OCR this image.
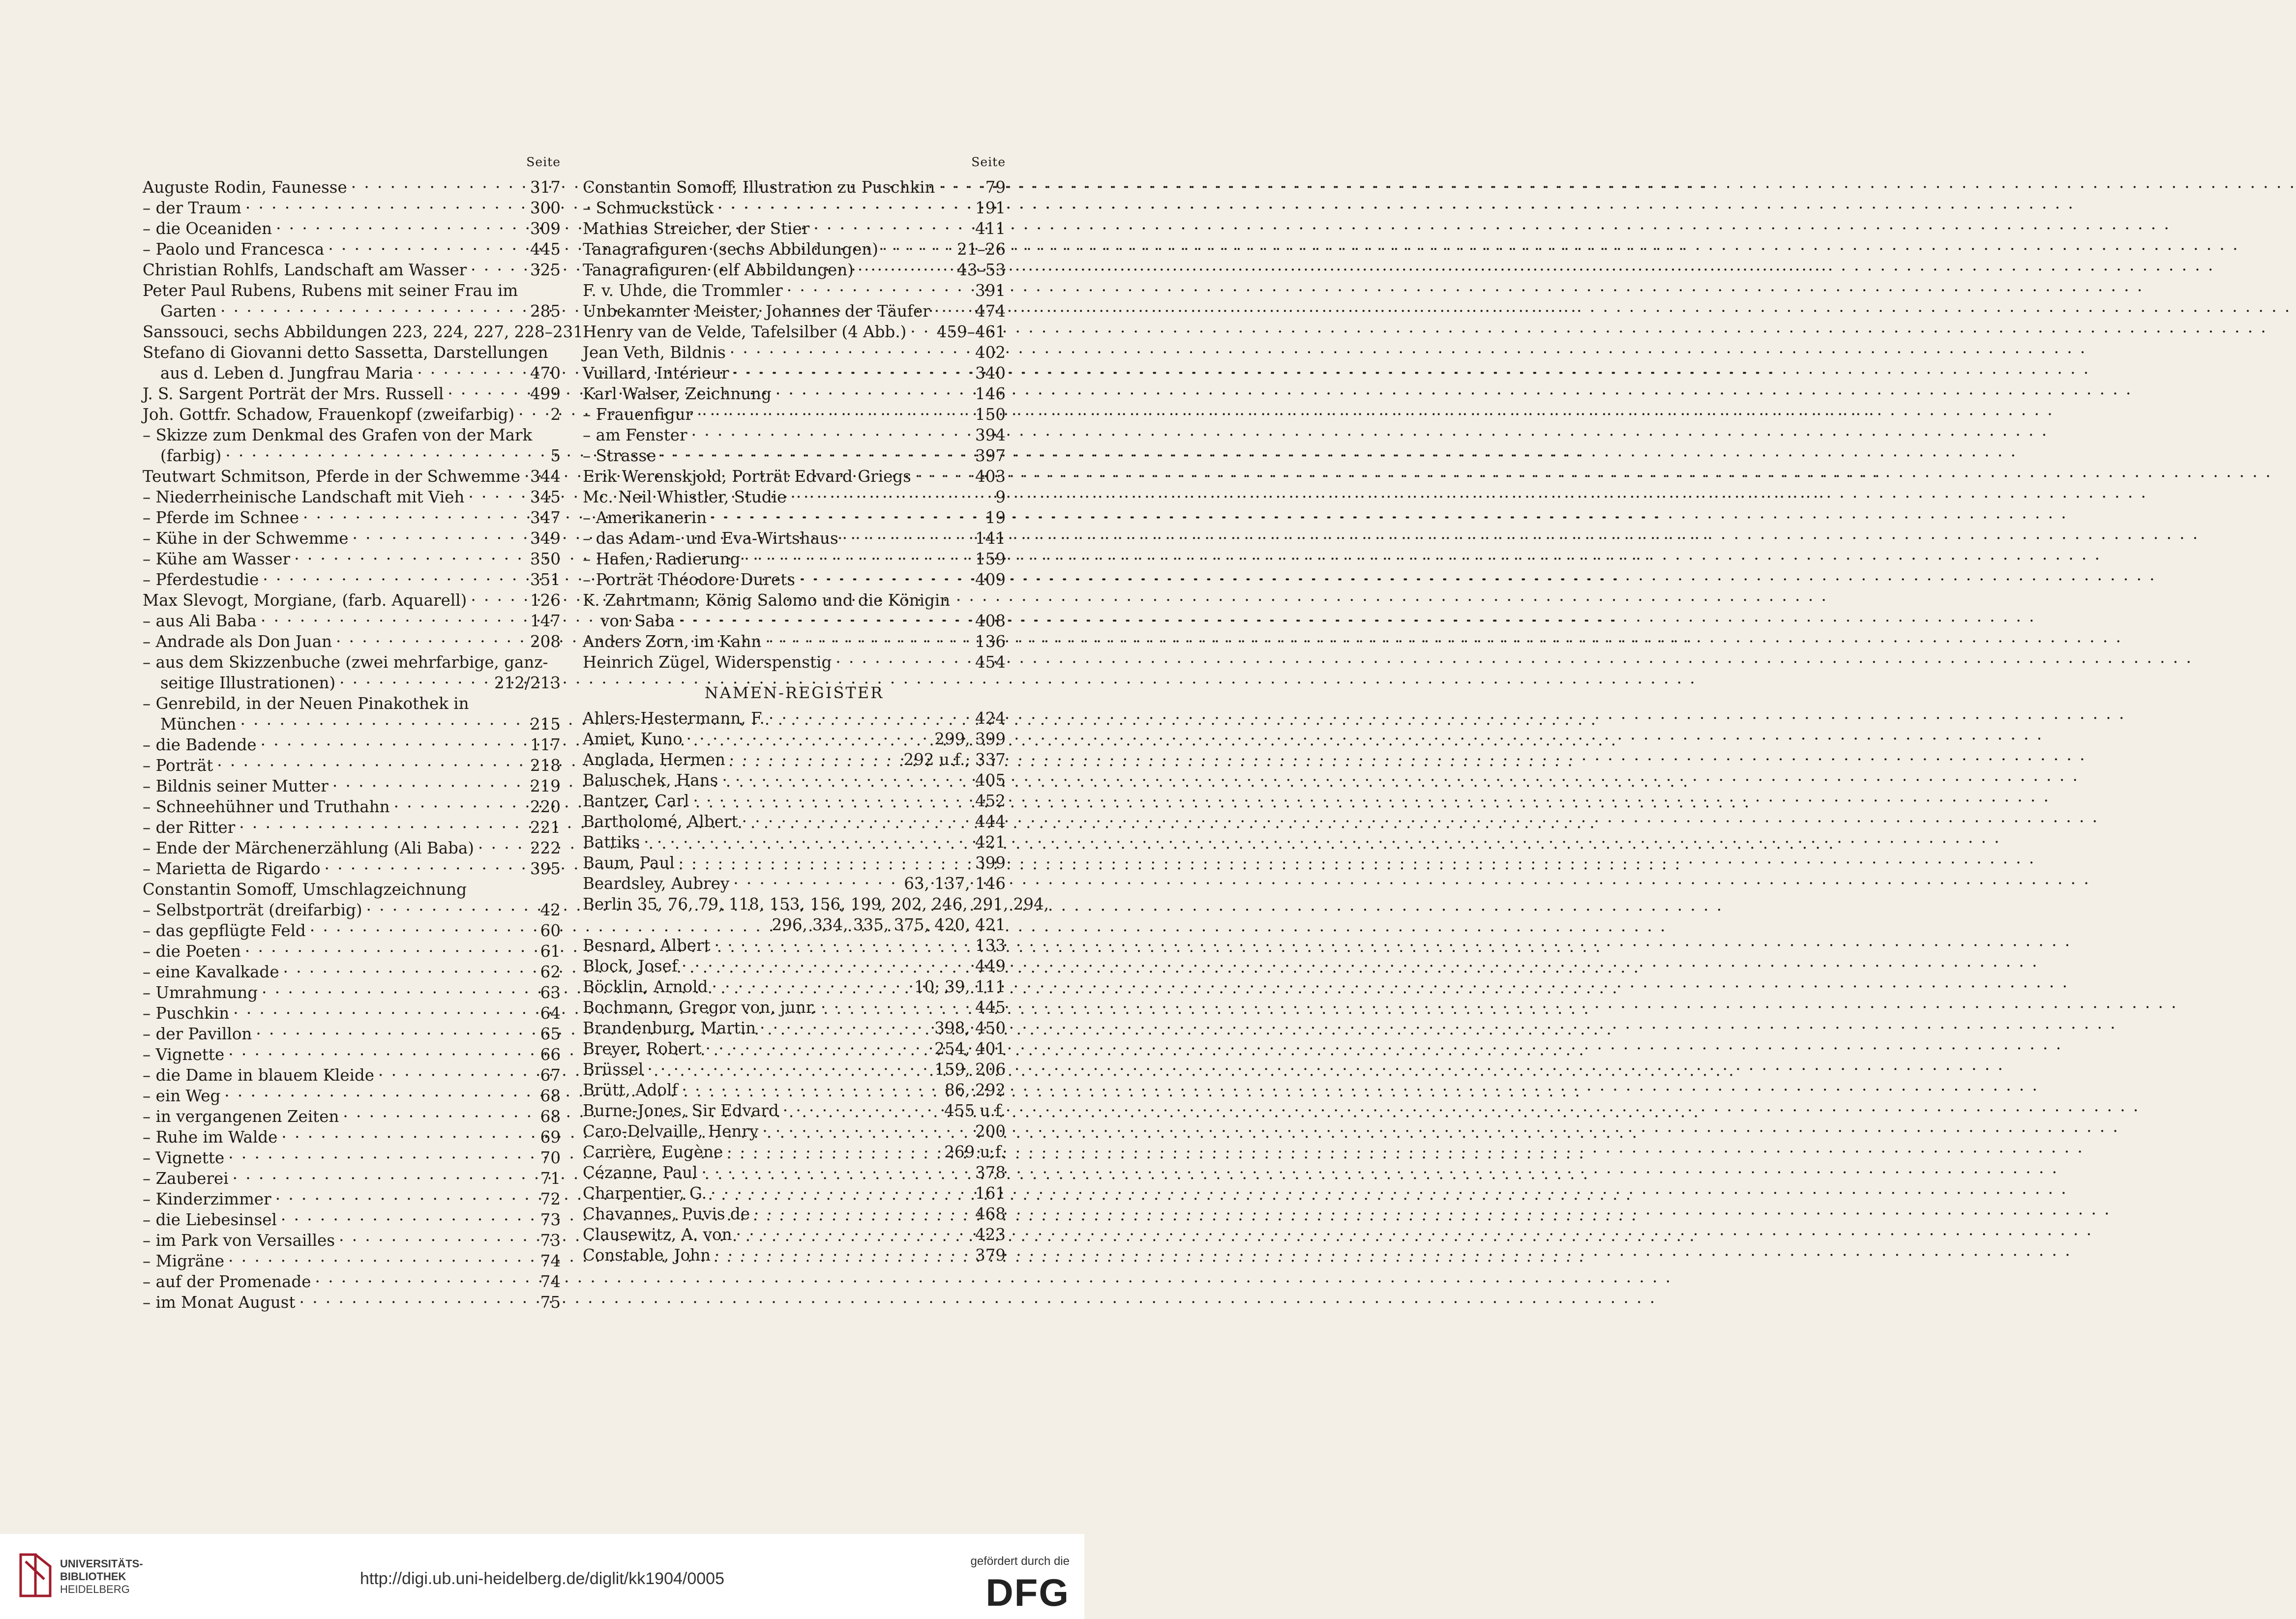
Seite
Auguste Rodin, Faunesse . . .	317
– der Traum . . .	300
– die Oceaniden . . .	309
– Paolo und Francesca . . .	445
Christian Rohlfs, Landschaft am Wasser . . .	325
Peter Paul Rubens, Rubens mit seiner Frau im
Garten . . .	285
Sanssouci, sechs Abbildungen 223, 224, 227, 228–231
Stefano di Giovanni detto Sassetta, Darstellungen
aus d. Leben d. Jungfrau Maria . . .	470
J. S. Sargent Porträt der Mrs. Russell . . .	499
Joh. Gottfr. Schadow, Frauenkopf (zweifarbig) . . . 2
– Skizze zum Denkmal des Grafen von der Mark
(farbig) . . .	5
Teutwart Schmitson, Pferde in der Schwemme . . . 344
– Niederrheinische Landschaft mit Vieh . . .	345
– Pferde im Schnee . . .	347
– Kühe in der Schwemme . . .	349
– Kühe am Wasser . . .	350
– Pferdestudie . . .	351
Max Slevogt, Morgiane, (farb. Aquarell) . . .	126
– aus Ali Baba . . .	147
– Andrade als Don Juan . . .	208
– aus dem Skizzenbuche (zwei mehrfarbige, ganz-
seitige Illustrationen) . . .	212/213
– Genrebild, in der Neuen Pinakothek in
München . . .	215
– die Badende . . .	117
– Porträt . . .	218
– Bildnis seiner Mutter . . .	219
– Schneehühner und Truthahn . . .	220
– der Ritter . . .	221
– Ende der Märchenerzählung (Ali Baba) . . .	222
– Marietta de Rigardo . . .	395
Constantin Somoff, Umschlagzeichnung
– Selbstporträt (dreifarbig) . . .	42
– das gepflügte Feld . . .	60
– die Poeten . . .	61
– eine Kavalkade . . .	62
– Umrahmung . . .	63
– Puschkin . . .	64
– der Pavillon . . .	65
– Vignette . . .	66
– die Dame in blauem Kleide . . .	67
– ein Weg . . .	68
– in vergangenen Zeiten . . .	68
– Ruhe im Walde . . .	69
– Vignette . . .	70
– Zauberei . . .	71
– Kinderzimmer . . .	72
– die Liebesinsel . . .	73
– im Park von Versailles . . .	73
– Migräne . . .	74
– auf der Promenade . . .	74
– im Monat August . . .	75
Seite
Constantin Somoff, Illustration zu Puschkin . . .	79
– Schmuckstück . . .	191
Mathias Streicher, der Stier . . .	411
Tanagrafiguren (sechs Abbildungen) . . .	21–26
Tanagrafiguren (elf Abbildungen) . . .	43–53
F. v. Uhde, die Trommler . . .	391
Unbekannter Meister, Johannes der Täufer . . .	474
Henry van de Velde, Tafelsilber (4 Abb.) . . . 459–461
Jean Veth, Bildnis . . .	402
Vuillard, Intérieur . . .	340
Karl Walser, Zeichnung . . .	146
– Frauenfigur . . .	150
– am Fenster . . .	394
– Strasse . . .	397
Erik Werenskjold, Porträt Edvard Griegs . . .	403
Mc. Neil Whistler, Studie . . .	9
– Amerikanerin . . .	19
– das Adam- und Eva-Wirtshaus . . .	141
– Hafen, Radierung . . .	159
– Porträt Théodore Durets . . .	409
K. Zahrtmann, König Salomo und die Königin
von Saba . . .	408
Anders Zorn, im Kahn . . .	136
Heinrich Zügel, Widerspenstig . . .	454
NAMEN-REGISTER
Ahlers-Hestermann, F. . . .	424
Amiet, Kuno . . .	299, 399
Anglada, Hermen . . .	292 u.f., 337
Baluschek, Hans . . .	405
Bantzer, Carl . . .	452
Bartholomé, Albert . . .	444
Battiks . . .	421
Baum, Paul . . .	399
Beardsley, Aubrey . . .	63, 137, 146
Berlin 35, 76, 79, 118, 153, 156, 199, 202, 246, 291, 294,
296, 334, 335, 375, 420, 421
Besnard, Albert . . .	133
Block, Josef . . .	449
Böcklin, Arnold . . .	10, 39, 111
Bochmann, Gregor von, junr. . . .	445
Brandenburg, Martin . . .	398, 450
Breyer, Robert . . .	254, 401
Brüssel . . .	159, 206
Brütt, Adolf . . .	86, 292
Burne-Jones, Sir Edvard . . .	455 u.f.
Caro-Delvaille, Henry . . .	200
Carrière, Eugène . . .	269 u.f.
Cézanne, Paul . . .	378
Charpentier, G. . . .	161
Chavannes, Puvis de . . .	468
Clausewitz, A. von . . .	423
Constable, John . . .	379
UNIVERSITÄTS-
BIBLIOTHEK
HEIDELBERG
http://digi.ub.uni-heidelberg.de/diglit/kk1904/0005
gefördert durch die
DFG
